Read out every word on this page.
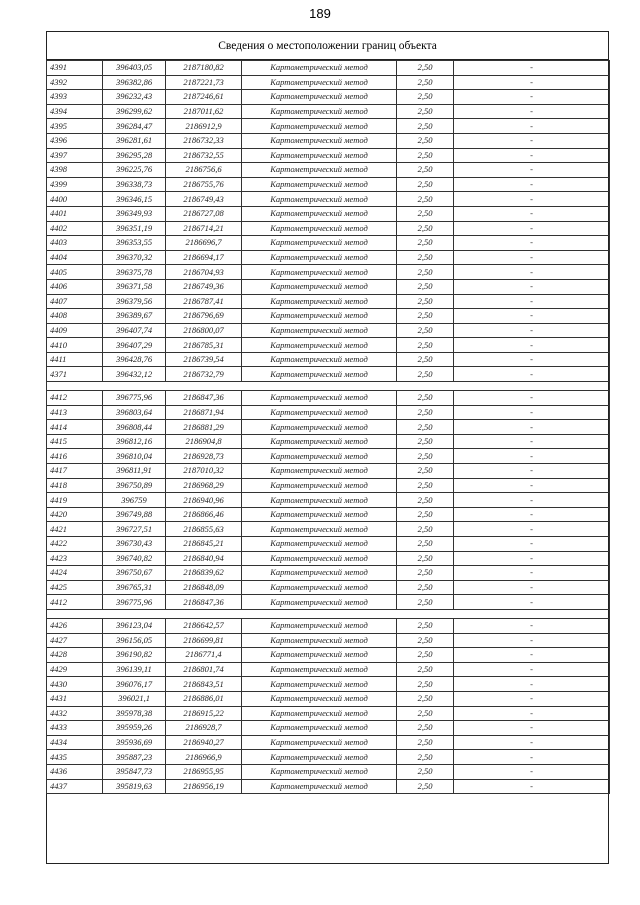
189
Сведения о местоположении границ объекта
4391	396403,05	2187180,82	Картометрический метод	2,50	-
4392	396382,86	2187221,73	Картометрический метод	2,50	-
4393	396232,43	2187246,61	Картометрический метод	2,50	-
4394	396299,62	2187011,62	Картометрический метод	2,50	-
4395	396284,47	2186912,9	Картометрический метод	2,50	-
4396	396281,61	2186732,33	Картометрический метод	2,50	-
4397	396295,28	2186732,55	Картометрический метод	2,50	-
4398	396225,76	2186756,6	Картометрический метод	2,50	-
4399	396338,73	2186755,76	Картометрический метод	2,50	-
4400	396346,15	2186749,43	Картометрический метод	2,50	-
4401	396349,93	2186727,08	Картометрический метод	2,50	-
4402	396351,19	2186714,21	Картометрический метод	2,50	-
4403	396353,55	2186696,7	Картометрический метод	2,50	-
4404	396370,32	2186694,17	Картометрический метод	2,50	-
4405	396375,78	2186704,93	Картометрический метод	2,50	-
4406	396371,58	2186749,36	Картометрический метод	2,50	-
4407	396379,56	2186787,41	Картометрический метод	2,50	-
4408	396389,67	2186796,69	Картометрический метод	2,50	-
4409	396407,74	2186800,07	Картометрический метод	2,50	-
4410	396407,29	2186785,31	Картометрический метод	2,50	-
4411	396428,76	2186739,54	Картометрический метод	2,50	-
4371	396432,12	2186732,79	Картометрический метод	2,50	-

4412	396775,96	2186847,36	Картометрический метод	2,50	-
4413	396803,64	2186871,94	Картометрический метод	2,50	-
4414	396808,44	2186881,29	Картометрический метод	2,50	-
4415	396812,16	2186904,8	Картометрический метод	2,50	-
4416	396810,04	2186928,73	Картометрический метод	2,50	-
4417	396811,91	2187010,32	Картометрический метод	2,50	-
4418	396750,89	2186968,29	Картометрический метод	2,50	-
4419	396759	2186940,96	Картометрический метод	2,50	-
4420	396749,88	2186866,46	Картометрический метод	2,50	-
4421	396727,51	2186855,63	Картометрический метод	2,50	-
4422	396730,43	2186845,21	Картометрический метод	2,50	-
4423	396740,82	2186840,94	Картометрический метод	2,50	-
4424	396750,67	2186839,62	Картометрический метод	2,50	-
4425	396765,31	2186848,09	Картометрический метод	2,50	-
4412	396775,96	2186847,36	Картометрический метод	2,50	-

4426	396123,04	2186642,57	Картометрический метод	2,50	-
4427	396156,05	2186699,81	Картометрический метод	2,50	-
4428	396190,82	2186771,4	Картометрический метод	2,50	-
4429	396139,11	2186801,74	Картометрический метод	2,50	-
4430	396076,17	2186843,51	Картометрический метод	2,50	-
4431	396021,1	2186886,01	Картометрический метод	2,50	-
4432	395978,38	2186915,22	Картометрический метод	2,50	-
4433	395959,26	2186928,7	Картометрический метод	2,50	-
4434	395936,69	2186940,27	Картометрический метод	2,50	-
4435	395887,23	2186966,9	Картометрический метод	2,50	-
4436	395847,73	2186955,95	Картометрический метод	2,50	-
4437	395819,63	2186956,19	Картометрический метод	2,50	-
